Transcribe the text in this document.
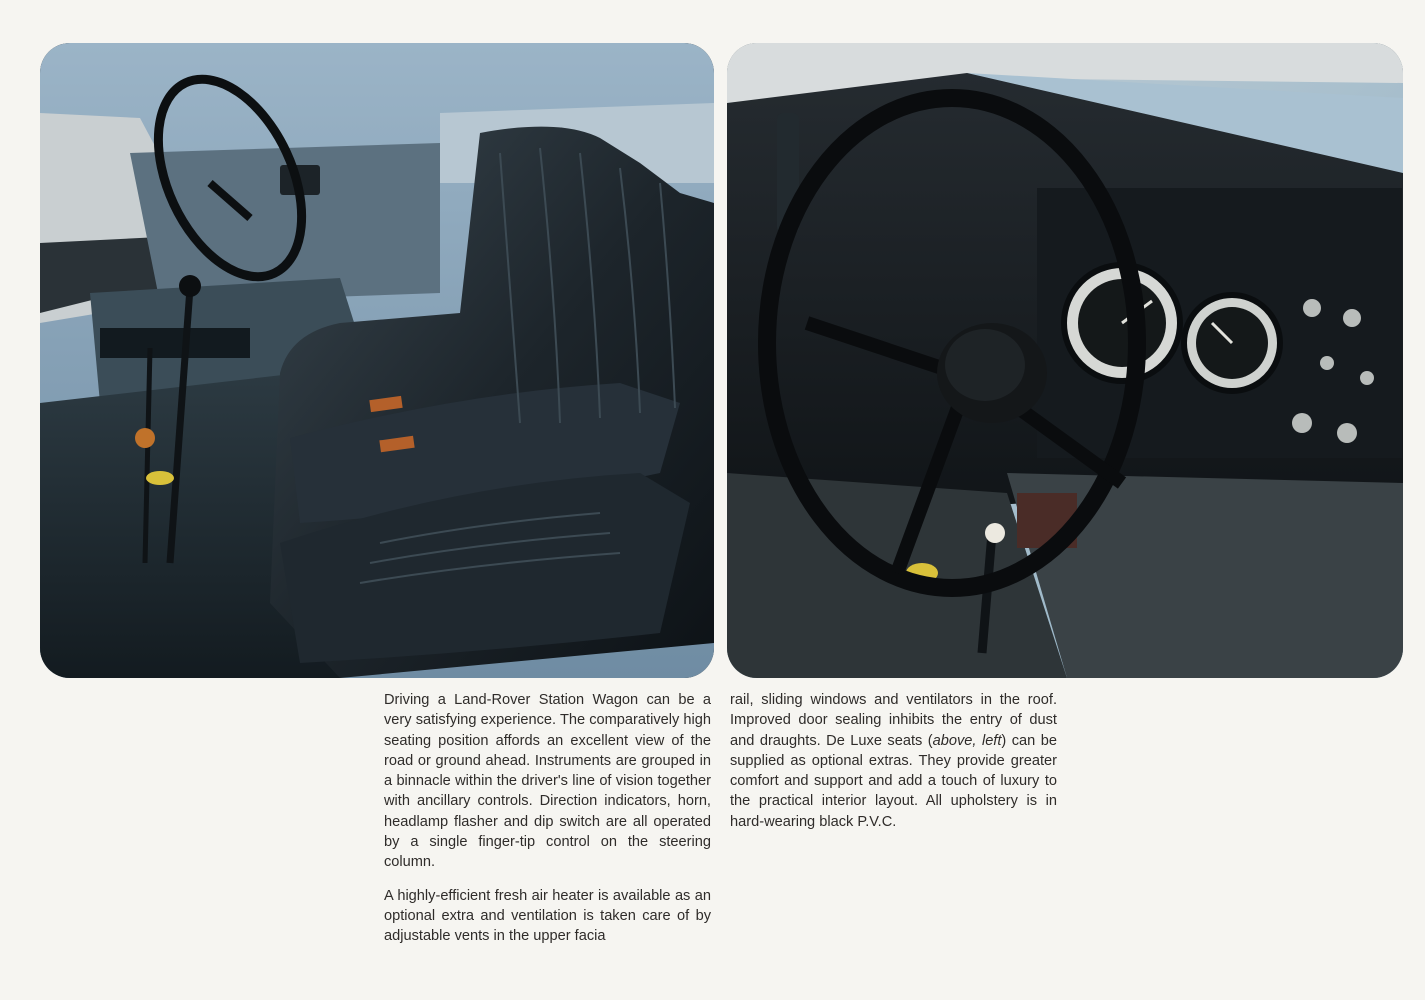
Driving a Land-Rover Station Wagon can be a very satisfying experience. The comparatively high seating position affords an excellent view of the road or ground ahead. Instruments are grouped in a binnacle within the driver's line of vision together with ancillary controls. Direction indicators, horn, headlamp flasher and dip switch are all operated by a single finger-tip control on the steering column.

A highly-efficient fresh air heater is available as an optional extra and ventilation is taken care of by adjustable vents in the upper facia

rail, sliding windows and ventilators in the roof. Improved door sealing inhibits the entry of dust and draughts. De Luxe seats (above, left) can be supplied as optional extras. They provide greater comfort and support and add a touch of luxury to the practical interior layout. All upholstery is in hard-wearing black P.V.C.
